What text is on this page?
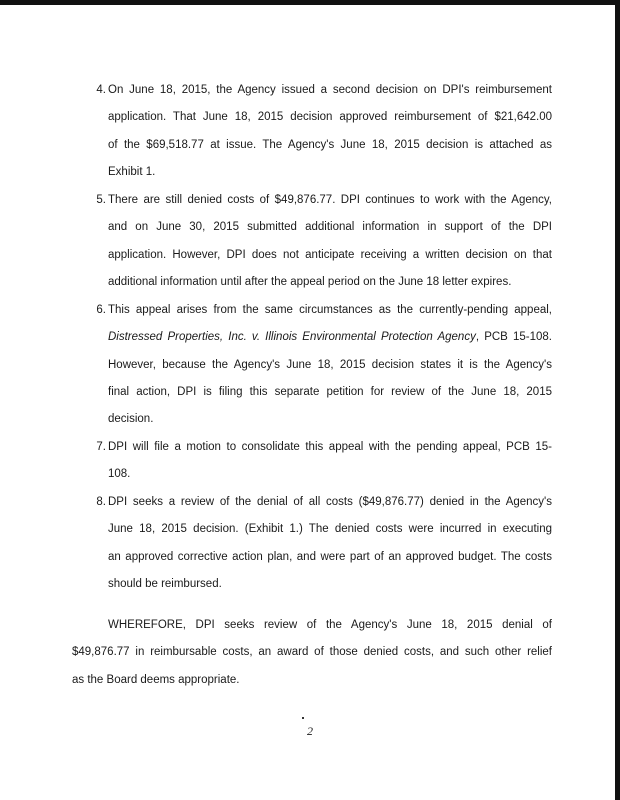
4. On June 18, 2015, the Agency issued a second decision on DPI's reimbursement
application. That June 18, 2015 decision approved reimbursement of $21,642.00
of the $69,518.77 at issue. The Agency's June 18, 2015 decision is attached as
Exhibit 1.
5. There are still denied costs of $49,876.77. DPI continues to work with the Agency,
and on June 30, 2015 submitted additional information in support of the DPI
application. However, DPI does not anticipate receiving a written decision on that
additional information until after the appeal period on the June 18 letter expires.
6. This appeal arises from the same circumstances as the currently-pending appeal,
Distressed Properties, Inc. v. Illinois Environmental Protection Agency, PCB 15-108.
However, because the Agency's June 18, 2015 decision states it is the Agency's
final action, DPI is filing this separate petition for review of the June 18, 2015
decision.
7. DPI will file a motion to consolidate this appeal with the pending appeal, PCB 15-
108.
8. DPI seeks a review of the denial of all costs ($49,876.77) denied in the Agency's
June 18, 2015 decision. (Exhibit 1.) The denied costs were incurred in executing
an approved corrective action plan, and were part of an approved budget. The costs
should be reimbursed.
WHEREFORE, DPI seeks review of the Agency's June 18, 2015 denial of
$49,876.77 in reimbursable costs, an award of those denied costs, and such other relief
as the Board deems appropriate.
2
